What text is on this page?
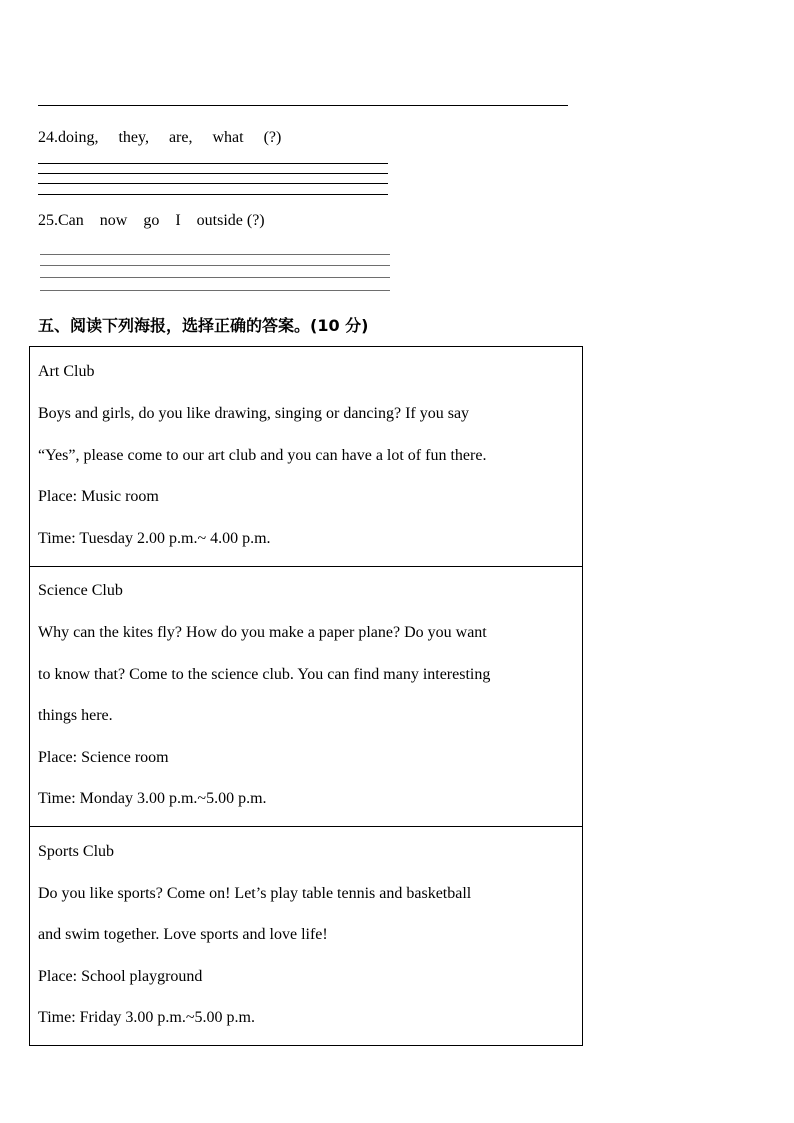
24.doing,     they,     are,     what     (?)
25.Can    now    go    I    outside (?)
五、阅读下列海报，选择正确的答案。(10 分)
Art Club
Boys and girls, do you like drawing, singing or dancing? If you say
“Yes”, please come to our art club and you can have a lot of fun there.
Place: Music room
Time: Tuesday 2.00 p.m.~ 4.00 p.m.
Science Club
Why can the kites fly? How do you make a paper plane? Do you want
to know that? Come to the science club. You can find many interesting
things here.
Place: Science room
Time: Monday 3.00 p.m.~5.00 p.m.
Sports Club
Do you like sports? Come on! Let’s play table tennis and basketball
and swim together. Love sports and love life!
Place: School playground
Time: Friday 3.00 p.m.~5.00 p.m.
